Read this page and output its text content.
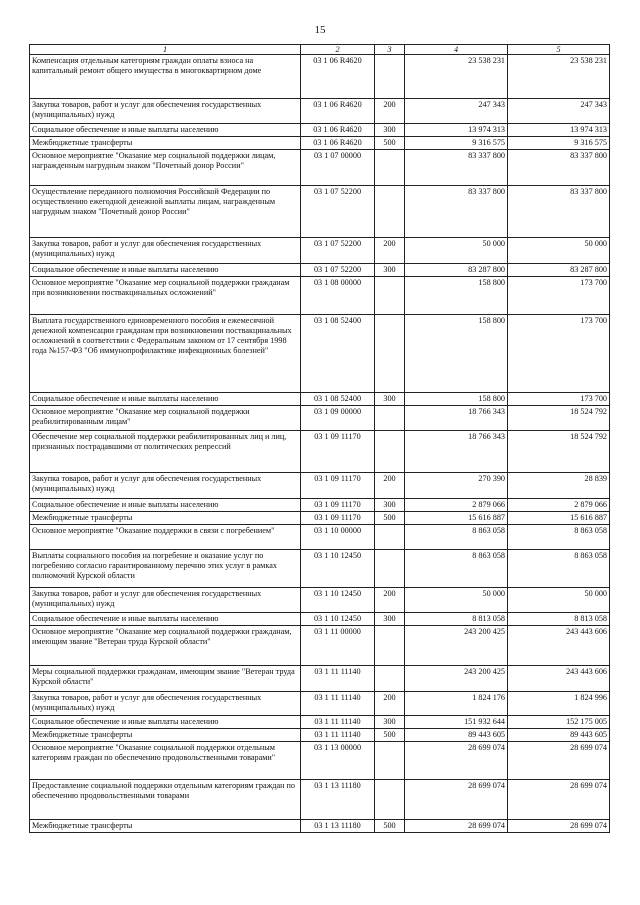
15
1	2	3	4	5
Компенсация отдельным категориям граждан оплаты взноса на капитальный ремонт общего имущества в многоквартирном доме	03 1 06 R4620		23 538 231	23 538 231
Закупка товаров, работ и услуг для обеспечения государственных (муниципальных) нужд	03 1 06 R4620	200	247 343	247 343
Социальное обеспечение и иные выплаты населению	03 1 06 R4620	300	13 974 313	13 974 313
Межбюджетные трансферты	03 1 06 R4620	500	9 316 575	9 316 575
Основное мероприятие "Оказание мер социальной поддержки лицам, награжденным нагрудным знаком "Почетный донор России"	03 1 07 00000		83 337 800	83 337 800
Осуществление переданного полномочия Российской Федерации по осуществлению ежегодной денежной выплаты лицам, награжденным нагрудным знаком "Почетный донор России"	03 1 07 52200		83 337 800	83 337 800
Закупка товаров, работ и услуг для обеспечения государственных (муниципальных) нужд	03 1 07 52200	200	50 000	50 000
Социальное обеспечение и иные выплаты населению	03 1 07 52200	300	83 287 800	83 287 800
Основное мероприятие "Оказание мер социальной поддержки гражданам при возникновении поствакцинальных осложнений"	03 1 08 00000		158 800	173 700
Выплата государственного единовременного пособия и ежемесячной денежной компенсации гражданам при возникновении поствакцинальных осложнений в соответствии с Федеральным законом от 17 сентября 1998 года №157-ФЗ "Об иммунопрофилактике инфекционных болезней"	03 1 08 52400		158 800	173 700
Социальное обеспечение и иные выплаты населению	03 1 08 52400	300	158 800	173 700
Основное мероприятие "Оказание мер социальной поддержки реабилитированным лицам"	03 1 09 00000		18 766 343	18 524 792
Обеспечение мер социальной поддержки реабилитированных лиц и лиц, признанных пострадавшими от политических репрессий	03 1 09 11170		18 766 343	18 524 792
Закупка товаров, работ и услуг для обеспечения государственных (муниципальных) нужд	03 1 09 11170	200	270 390	28 839
Социальное обеспечение и иные выплаты населению	03 1 09 11170	300	2 879 066	2 879 066
Межбюджетные трансферты	03 1 09 11170	500	15 616 887	15 616 887
Основное мероприятие "Оказание поддержки в связи с погребением"	03 1 10 00000		8 863 058	8 863 058
Выплаты социального пособия на погребение и оказание услуг по погребению согласно гарантированному перечню этих услуг в рамках полномочий Курской области	03 1 10 12450		8 863 058	8 863 058
Закупка товаров, работ и услуг для обеспечения государственных (муниципальных) нужд	03 1 10 12450	200	50 000	50 000
Социальное обеспечение и иные выплаты населению	03 1 10 12450	300	8 813 058	8 813 058
Основное мероприятие "Оказание мер социальной поддержки гражданам, имеющим звание "Ветеран труда Курской области"	03 1 11 00000		243 200 425	243 443 606
Меры социальной поддержки гражданам, имеющим звание "Ветеран труда Курской области"	03 1 11 11140		243 200 425	243 443 606
Закупка товаров, работ и услуг для обеспечения государственных (муниципальных) нужд	03 1 11 11140	200	1 824 176	1 824 996
Социальное обеспечение и иные выплаты населению	03 1 11 11140	300	151 932 644	152 175 005
Межбюджетные трансферты	03 1 11 11140	500	89 443 605	89 443 605
Основное мероприятие "Оказание социальной поддержки отдельным категориям граждан по обеспечению продовольственными товарами"	03 1 13 00000		28 699 074	28 699 074
Предоставление социальной поддержки отдельным категориям граждан по обеспечению продовольственными товарами	03 1 13 11180		28 699 074	28 699 074
Межбюджетные трансферты	03 1 13 11180	500	28 699 074	28 699 074
